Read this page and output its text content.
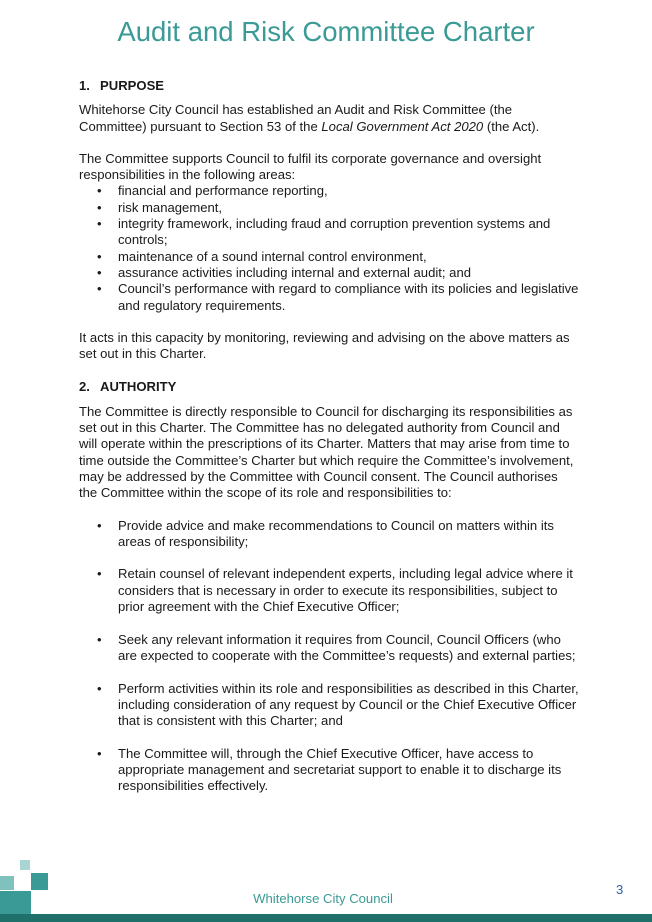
Audit and Risk Committee Charter
1. PURPOSE

Whitehorse City Council has established an Audit and Risk Committee (the Committee) pursuant to Section 53 of the Local Government Act 2020 (the Act).

The Committee supports Council to fulfil its corporate governance and oversight responsibilities in the following areas:

• financial and performance reporting,
• risk management,
• integrity framework, including fraud and corruption prevention systems and controls;
• maintenance of a sound internal control environment,
• assurance activities including internal and external audit; and
• Council’s performance with regard to compliance with its policies and legislative and regulatory requirements.

It acts in this capacity by monitoring, reviewing and advising on the above matters as set out in this Charter.

2. AUTHORITY

The Committee is directly responsible to Council for discharging its responsibilities as set out in this Charter. The Committee has no delegated authority from Council and will operate within the prescriptions of its Charter. Matters that may arise from time to time outside the Committee’s Charter but which require the Committee’s involvement, may be addressed by the Committee with Council consent. The Council authorises the Committee within the scope of its role and responsibilities to:

• Provide advice and make recommendations to Council on matters within its areas of responsibility;
• Retain counsel of relevant independent experts, including legal advice where it considers that is necessary in order to execute its responsibilities, subject to prior agreement with the Chief Executive Officer;
• Seek any relevant information it requires from Council, Council Officers (who are expected to cooperate with the Committee’s requests) and external parties;
• Perform activities within its role and responsibilities as described in this Charter, including consideration of any request by Council or the Chief Executive Officer that is consistent with this Charter; and
• The Committee will, through the Chief Executive Officer, have access to appropriate management and secretariat support to enable it to discharge its responsibilities effectively.
Whitehorse City Council
3
